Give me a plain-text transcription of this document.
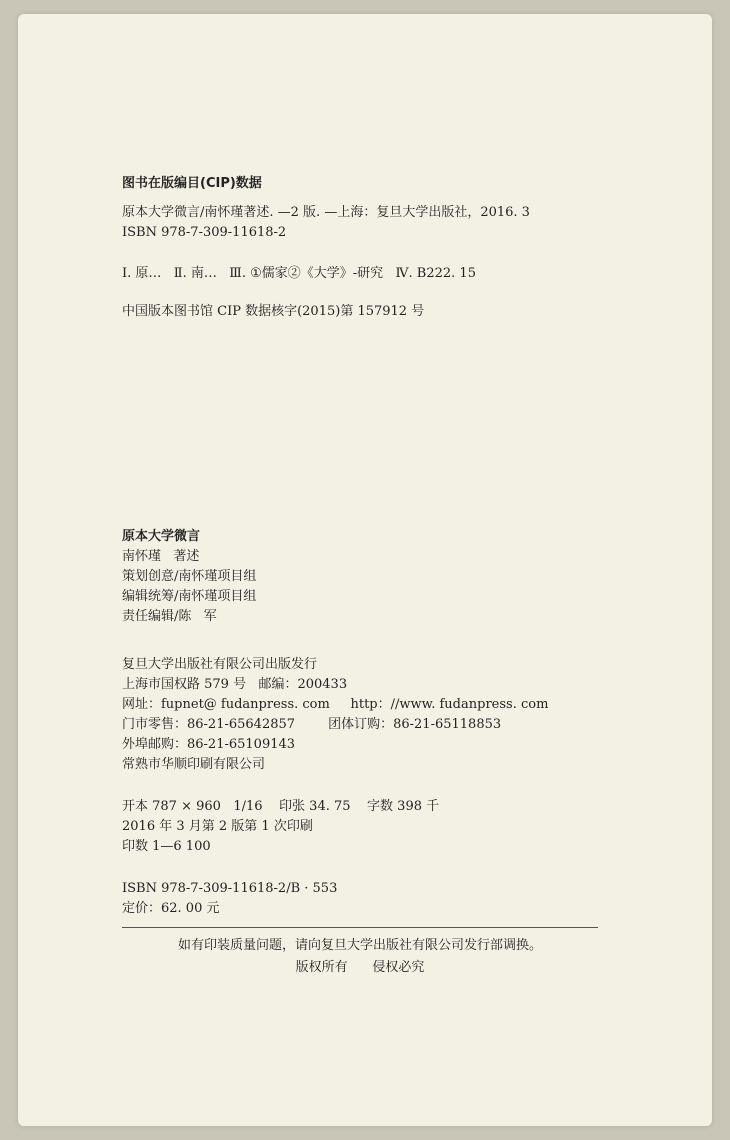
图书在版编目(CIP)数据
原本大学微言/南怀瑾著述. —2 版. —上海：复旦大学出版社，2016. 3
ISBN 978-7-309-11618-2
Ⅰ. 原…   Ⅱ. 南…   Ⅲ. ①儒家②《大学》-研究   Ⅳ. B222. 15
中国版本图书馆 CIP 数据核字(2015)第 157912 号
原本大学微言
南怀瑾   著述
策划创意/南怀瑾项目组
编辑统筹/南怀瑾项目组
责任编辑/陈   军
复旦大学出版社有限公司出版发行
上海市国权路 579 号   邮编：200433
网址：fupnet@ fudanpress. com     http：//www. fudanpress. com
门市零售：86-21-65642857        团体订购：86-21-65118853
外埠邮购：86-21-65109143
常熟市华顺印刷有限公司
开本 787 × 960   1/16    印张 34. 75    字数 398 千
2016 年 3 月第 2 版第 1 次印刷
印数 1—6 100
ISBN 978-7-309-11618-2/B · 553
定价：62. 00 元
如有印装质量问题，请向复旦大学出版社有限公司发行部调换。
版权所有      侵权必究
